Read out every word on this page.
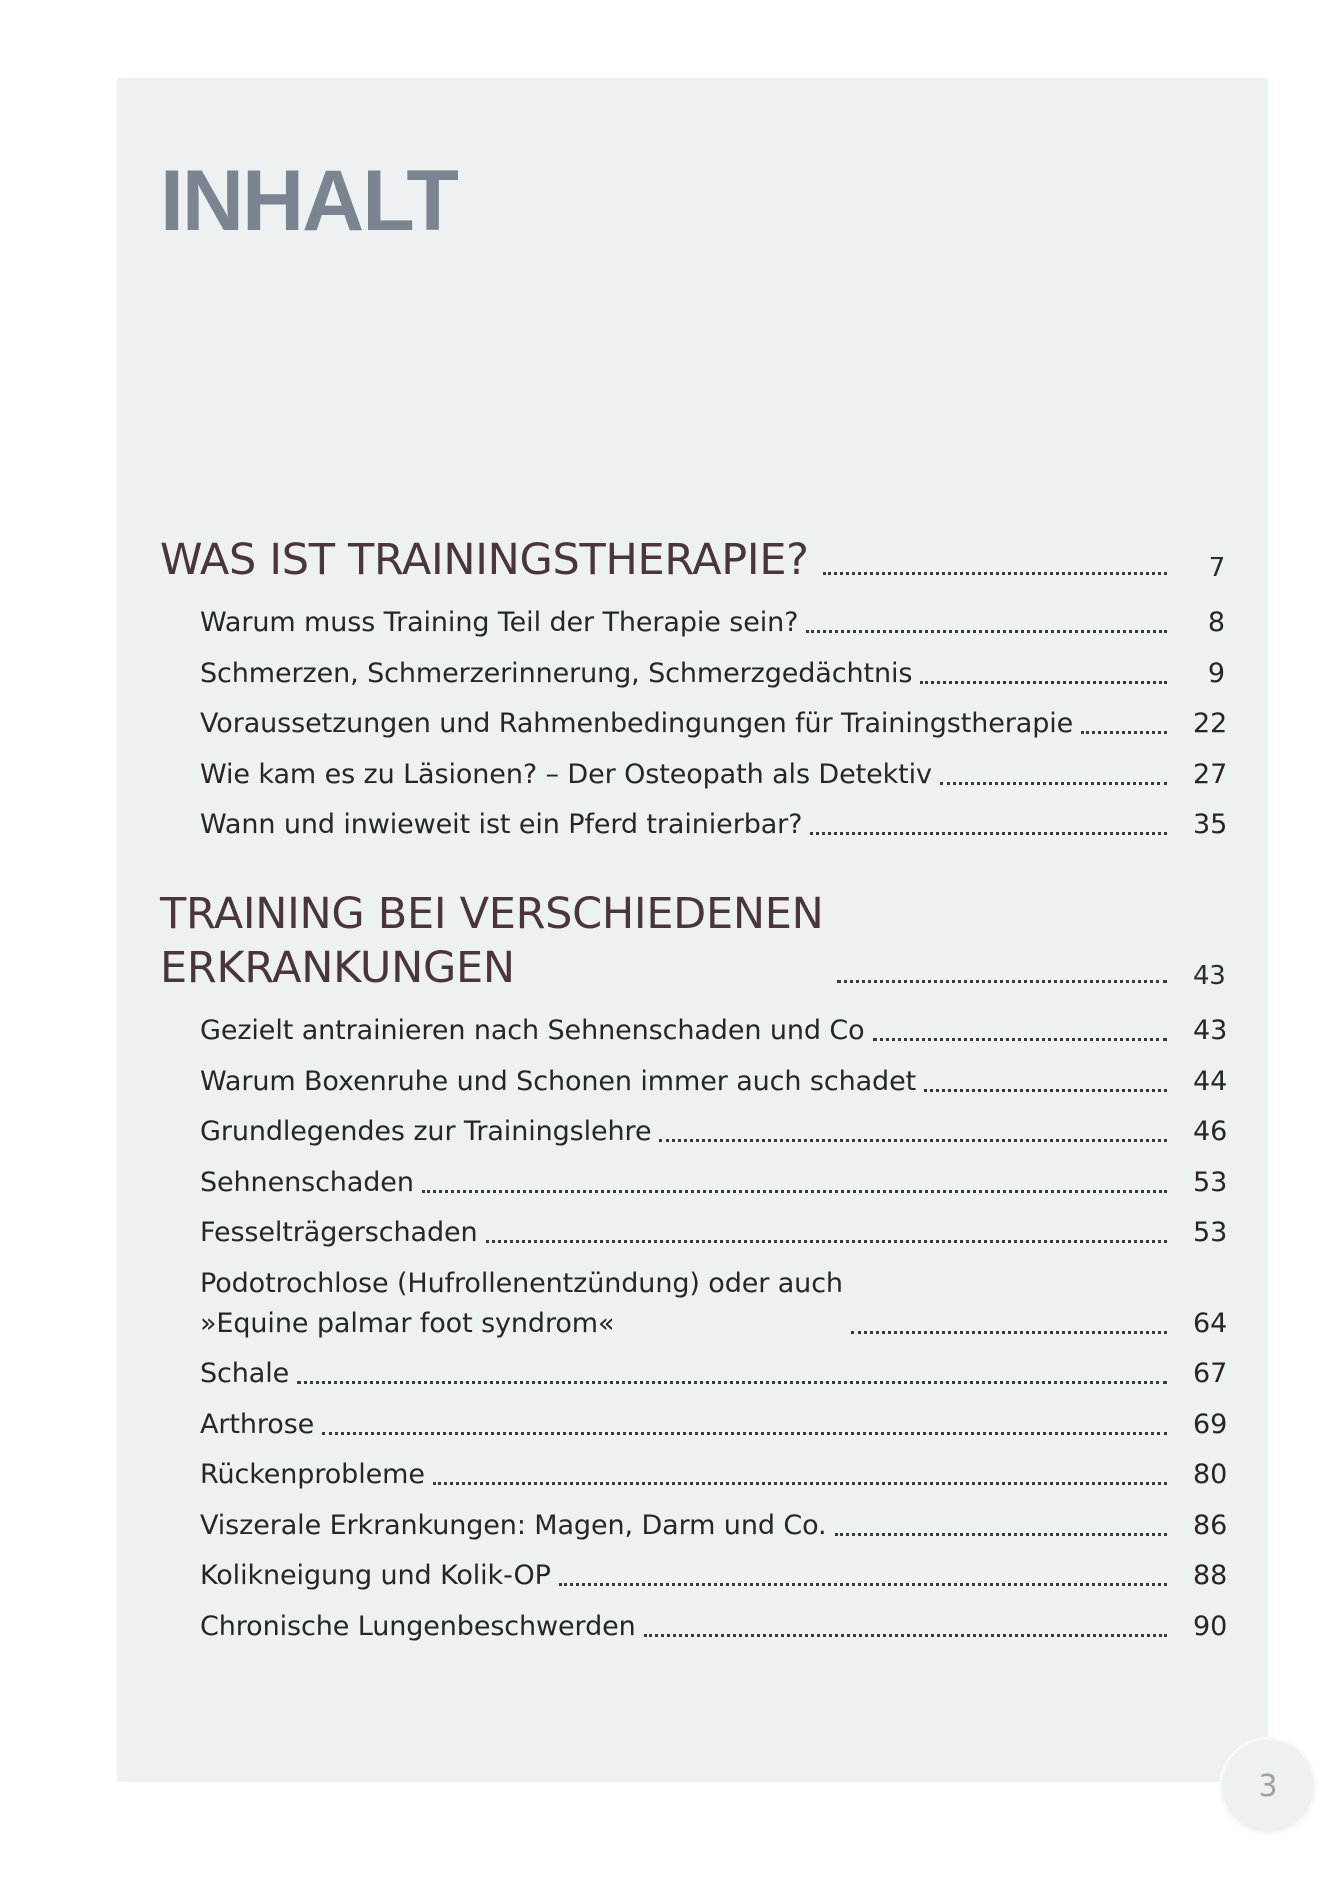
INHALT
WAS IST TRAININGSTHERAPIE?	7
Warum muss Training Teil der Therapie sein?	8
Schmerzen, Schmerzerinnerung, Schmerzgedächtnis	9
Voraussetzungen und Rahmenbedingungen für Trainingstherapie	22
Wie kam es zu Läsionen? – Der Osteopath als Detektiv	27
Wann und inwieweit ist ein Pferd trainierbar?	35
TRAINING BEI VERSCHIEDENEN
ERKRANKUNGEN	43
Gezielt antrainieren nach Sehnenschaden und Co	43
Warum Boxenruhe und Schonen immer auch schadet	44
Grundlegendes zur Trainingslehre	46
Sehnenschaden	53
Fesselträgerschaden	53
Podotrochlose (Hufrollenentzündung) oder auch
»Equine palmar foot syndrom«	64
Schale	67
Arthrose	69
Rückenprobleme	80
Viszerale Erkrankungen: Magen, Darm und Co.	86
Kolikneigung und Kolik-OP	88
Chronische Lungenbeschwerden	90
3
